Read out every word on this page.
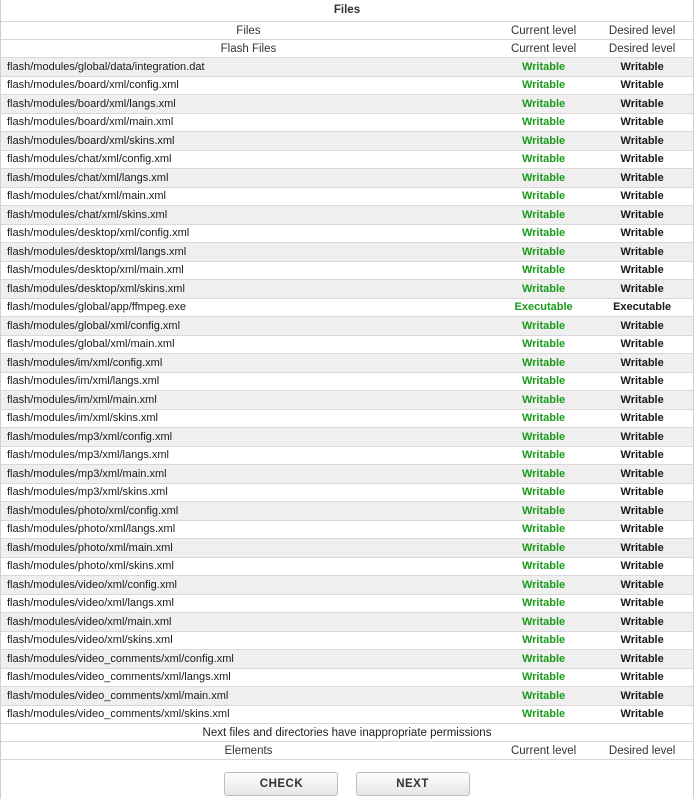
Files
Files	Current level	Desired level
Flash Files	Current level	Desired level
flash/modules/global/data/integration.dat	Writable	Writable
flash/modules/board/xml/config.xml	Writable	Writable
flash/modules/board/xml/langs.xml	Writable	Writable
flash/modules/board/xml/main.xml	Writable	Writable
flash/modules/board/xml/skins.xml	Writable	Writable
flash/modules/chat/xml/config.xml	Writable	Writable
flash/modules/chat/xml/langs.xml	Writable	Writable
flash/modules/chat/xml/main.xml	Writable	Writable
flash/modules/chat/xml/skins.xml	Writable	Writable
flash/modules/desktop/xml/config.xml	Writable	Writable
flash/modules/desktop/xml/langs.xml	Writable	Writable
flash/modules/desktop/xml/main.xml	Writable	Writable
flash/modules/desktop/xml/skins.xml	Writable	Writable
flash/modules/global/app/ffmpeg.exe	Executable	Executable
flash/modules/global/xml/config.xml	Writable	Writable
flash/modules/global/xml/main.xml	Writable	Writable
flash/modules/im/xml/config.xml	Writable	Writable
flash/modules/im/xml/langs.xml	Writable	Writable
flash/modules/im/xml/main.xml	Writable	Writable
flash/modules/im/xml/skins.xml	Writable	Writable
flash/modules/mp3/xml/config.xml	Writable	Writable
flash/modules/mp3/xml/langs.xml	Writable	Writable
flash/modules/mp3/xml/main.xml	Writable	Writable
flash/modules/mp3/xml/skins.xml	Writable	Writable
flash/modules/photo/xml/config.xml	Writable	Writable
flash/modules/photo/xml/langs.xml	Writable	Writable
flash/modules/photo/xml/main.xml	Writable	Writable
flash/modules/photo/xml/skins.xml	Writable	Writable
flash/modules/video/xml/config.xml	Writable	Writable
flash/modules/video/xml/langs.xml	Writable	Writable
flash/modules/video/xml/main.xml	Writable	Writable
flash/modules/video/xml/skins.xml	Writable	Writable
flash/modules/video_comments/xml/config.xml	Writable	Writable
flash/modules/video_comments/xml/langs.xml	Writable	Writable
flash/modules/video_comments/xml/main.xml	Writable	Writable
flash/modules/video_comments/xml/skins.xml	Writable	Writable
Next files and directories have inappropriate permissions		
Elements	Current level	Desired level
CHECK	NEXT
